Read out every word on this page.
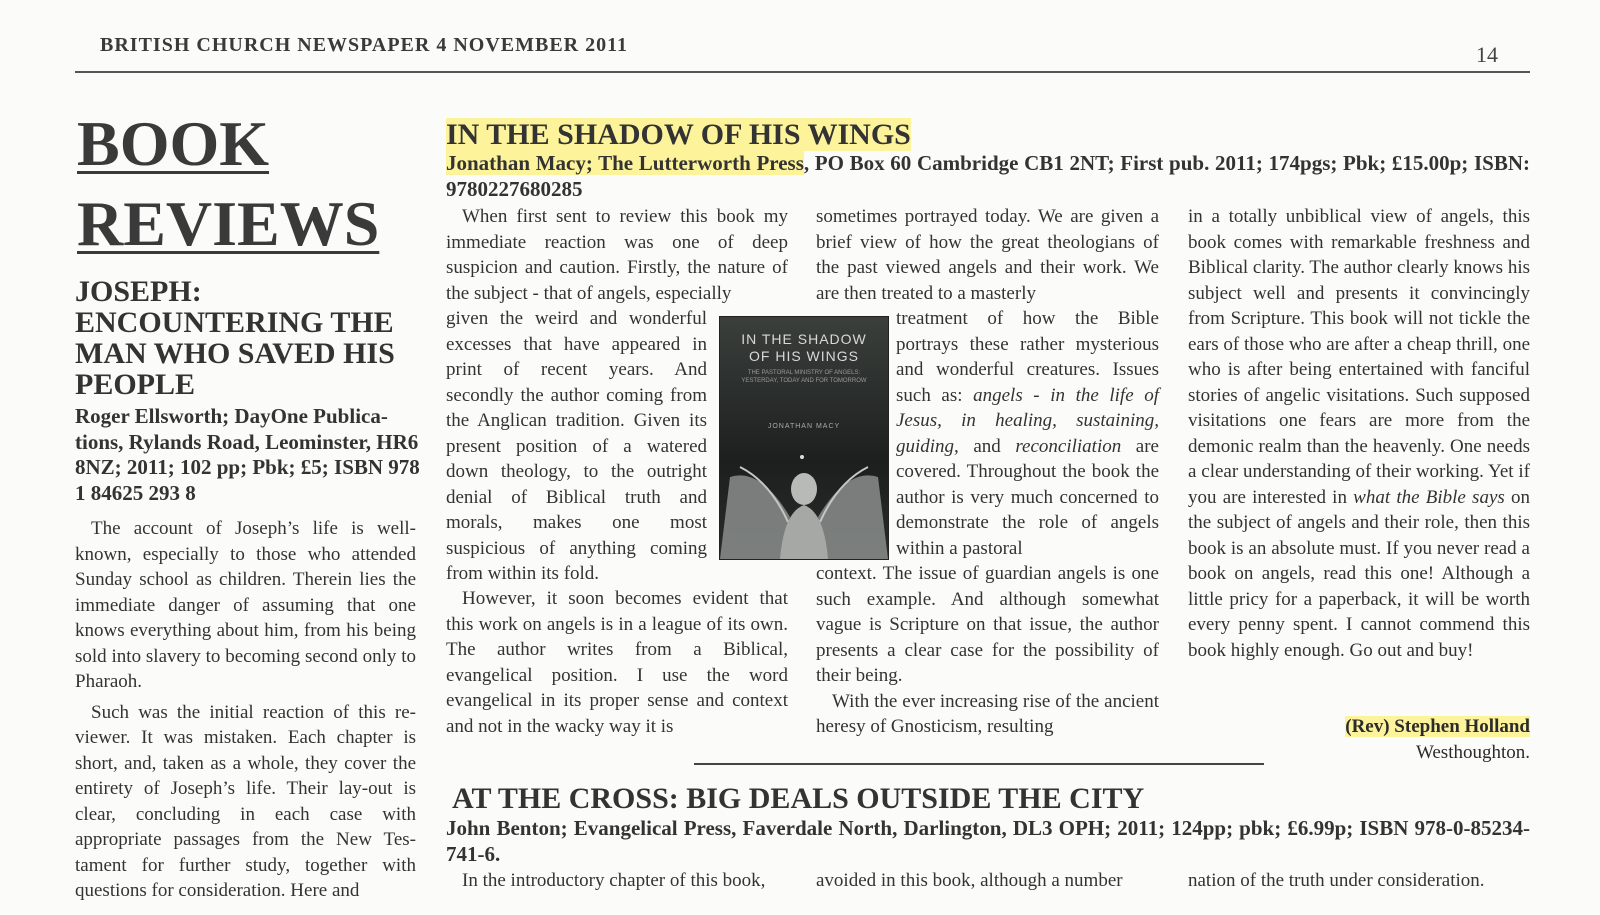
BRITISH CHURCH NEWSPAPER 4 NOVEMBER 2011	14
BOOK
REVIEWS
JOSEPH: ENCOUNTERING THE MAN WHO SAVED HIS PEOPLE
Roger Ellsworth; DayOne Publica-tions, Rylands Road, Leominster, HR6 8NZ; 2011; 102 pp; Pbk; £5; ISBN 978 1 84625 293 8

The account of Joseph’s life is well-known, especially to those who attended Sunday school as children. Therein lies the immediate danger of assuming that one knows everything about him, from his being sold into slavery to becoming second only to Pharaoh.

Such was the initial reaction of this re-viewer. It was mistaken. Each chapter is short, and, taken as a whole, they cover the entirety of Joseph’s life. Their lay-out is clear, concluding in each case with appropriate passages from the New Tes-tament for further study, together with questions for consideration. Here and

IN THE SHADOW OF HIS WINGS
Jonathan Macy; The Lutterworth Press, PO Box 60 Cambridge CB1 2NT; First pub. 2011; 174pgs; Pbk; £15.00p; ISBN: 9780227680285

When first sent to review this book my immediate reaction was one of deep suspicion and caution. Firstly, the nature of the subject - that of angels, especially

given the weird and wonderful excesses that have appeared in print of recent years. And secondly the author coming from the Anglican tradition. Given its present position of a watered down theology, to the outright denial of Biblical truth and morals, makes one most suspicious of anything coming from within its fold.

However, it soon becomes evident that this work on angels is in a league of its own. The author writes from a Biblical, evangelical position. I use the word evangelical in its proper sense and context and not in the wacky way it is

sometimes portrayed today. We are given a brief view of how the great theologians of the past viewed angels and their work. We are then treated to a masterly

treatment of how the Bible portrays these rather mysterious and wonderful creatures. Issues such as: angels - in the life of Jesus, in healing, sustaining, guiding, and reconciliation are covered. Throughout the book the author is very much concerned to demonstrate the role of angels within a pastoral

context. The issue of guardian angels is one such example. And although somewhat vague is Scripture on that issue, the author presents a clear case for the possibility of their being.

With the ever increasing rise of the ancient heresy of Gnosticism, resulting

in a totally unbiblical view of angels, this book comes with remarkable freshness and Biblical clarity. The author clearly knows his subject well and presents it convincingly from Scripture. This book will not tickle the ears of those who are after a cheap thrill, one who is after being entertained with fanciful stories of angelic visitations. Such supposed visitations one fears are more from the demonic realm than the heavenly. One needs a clear understanding of their working. Yet if you are interested in what the Bible says on the subject of angels and their role, then this book is an absolute must. If you never read a book on angels, read this one! Although a little pricy for a paperback, it will be worth every penny spent. I cannot commend this book highly enough. Go out and buy!

(Rev) Stephen Holland
Westhoughton.
IN THE SHADOW
OF HIS WINGS
THE PASTORAL MINISTRY OF ANGELS: YESTERDAY, TODAY AND FOR TOMORROW
JONATHAN MACY
AT THE CROSS: BIG DEALS OUTSIDE THE CITY
John Benton; Evangelical Press, Faverdale North, Darlington, DL3 OPH; 2011; 124pp; pbk; £6.99p; ISBN 978-0-85234-741-6.

In the introductory chapter of this book,	avoided in this book, although a number	nation of the truth under consideration.
